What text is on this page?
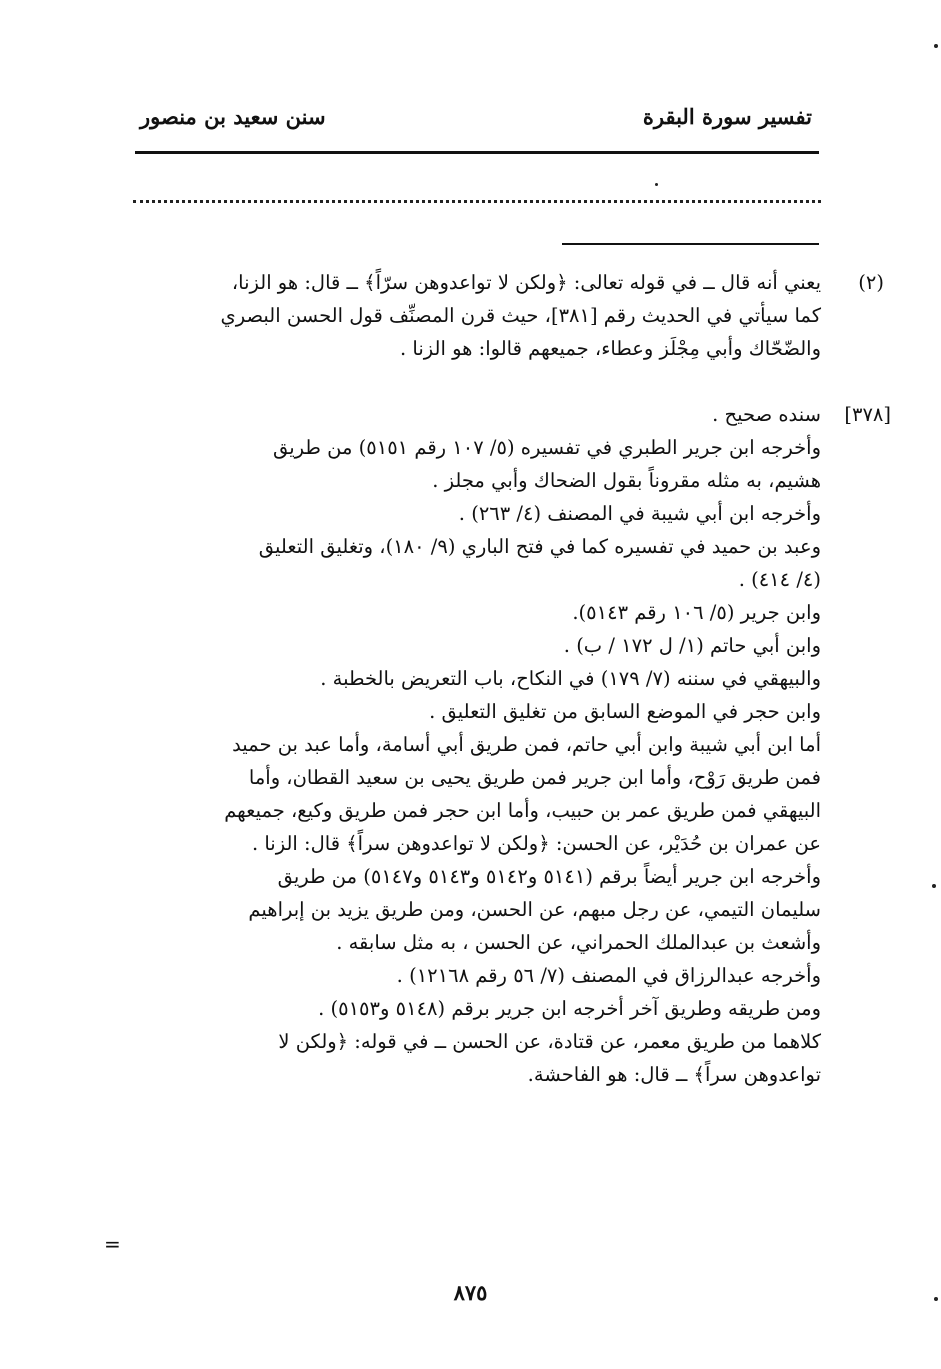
تفسير سورة البقرة
سنن سعيد بن منصور
(٢)

يعني أنه قال ــ في قوله تعالى: ﴿ولكن لا تواعدوهن سرّاً﴾ ــ قال: هو الزنا،

كما سيأتي في الحديث رقم [٣٨١]، حيث قرن المصنِّف قول الحسن البصري

والضّحّاك وأبي مِجْلَز وعطاء، جميعهم قالوا: هو الزنا .

[٣٧٨]

سنده صحيح .

وأخرجه ابن جرير الطبري في تفسيره (٥/ ١٠٧ رقم ٥١٥١) من طريق

هشيم، به مثله مقروناً بقول الضحاك وأبي مجلز .

وأخرجه ابن أبي شيبة في المصنف (٤/ ٢٦٣) .

وعبد بن حميد في تفسيره كما في فتح الباري (٩/ ١٨٠)، وتغليق التعليق

(٤/ ٤١٤) .

وابن جرير (٥/ ١٠٦ رقم ٥١٤٣).

وابن أبي حاتم (١/ ل ١٧٢ / ب) .

والبيهقي في سننه (٧/ ١٧٩) في النكاح، باب التعريض بالخطبة .

وابن حجر في الموضع السابق من تغليق التعليق .

أما ابن أبي شيبة وابن أبي حاتم، فمن طريق أبي أسامة، وأما عبد بن حميد

فمن طريق رَوْح، وأما ابن جرير فمن طريق يحيى بن سعيد القطان، وأما

البيهقي فمن طريق عمر بن حبيب، وأما ابن حجر فمن طريق وكيع، جميعهم

عن عمران بن حُدَيْر، عن الحسن: ﴿ولكن لا تواعدوهن سراً﴾ قال: الزنا .

وأخرجه ابن جرير أيضاً برقم (٥١٤١ و٥١٤٢ و٥١٤٣ و٥١٤٧) من طريق

سليمان التيمي، عن رجل مبهم، عن الحسن، ومن طريق يزيد بن إبراهيم

وأشعث بن عبدالملك الحمراني، عن الحسن ، به مثل سابقه .

وأخرجه عبدالرزاق في المصنف (٧/ ٥٦ رقم ١٢١٦٨) .

ومن طريقه وطريق آخر أخرجه ابن جرير برقم (٥١٤٨ و٥١٥٣) .

كلاهما من طريق معمر، عن قتادة، عن الحسن ــ في قوله: ﴿ولكن لا

تواعدوهن سراً﴾ ــ قال: هو الفاحشة.

=
٨٧٥
